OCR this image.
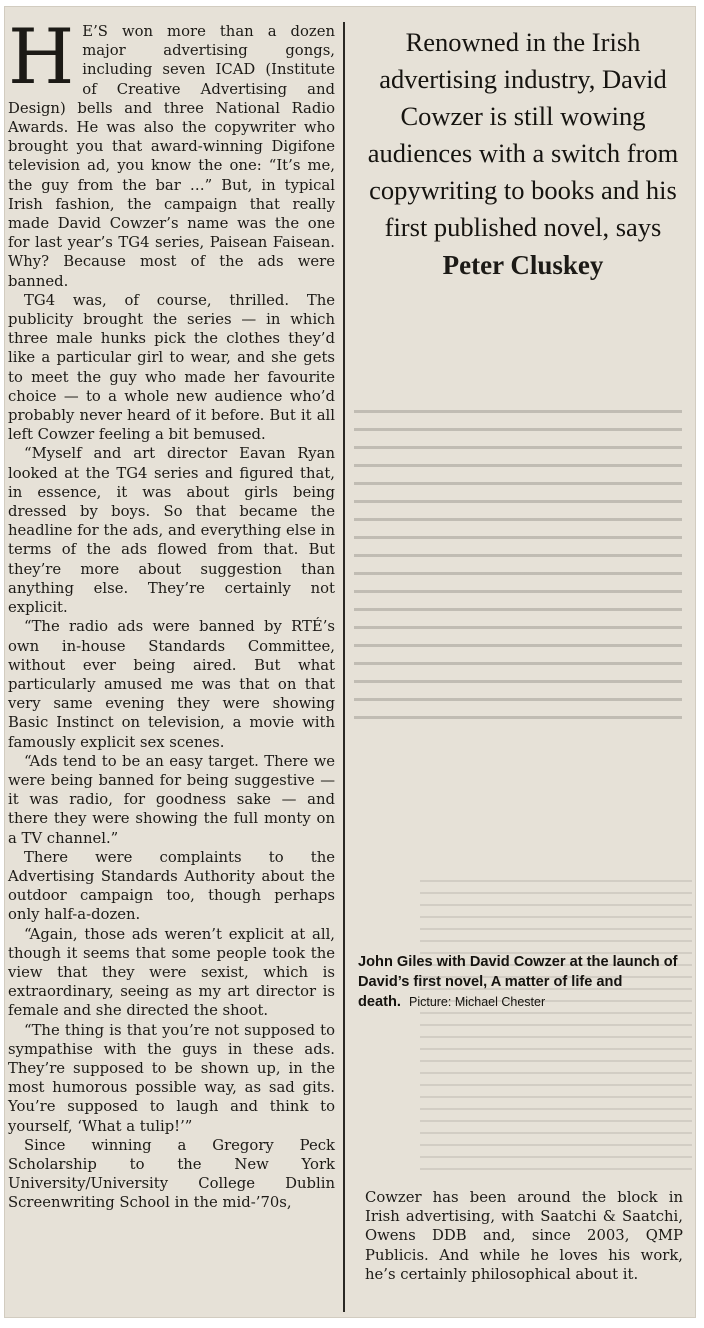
H E’S won more than a dozen major advertising gongs, including seven ICAD (Institute of Creative Advertising and Design) bells and three National Radio Awards. He was also the copywriter who brought you that award-winning Digifone television ad, you know the one: “It’s me, the guy from the bar …” But, in typical Irish fashion, the campaign that really made David Cowzer’s name was the one for last year’s TG4 series, Paisean Faisean. Why? Because most of the ads were banned.

TG4 was, of course, thrilled. The publicity brought the series — in which three male hunks pick the clothes they’d like a particular girl to wear, and she gets to meet the guy who made her favourite choice — to a whole new audience who’d probably never heard of it before. But it all left Cowzer feeling a bit bemused.

“Myself and art director Eavan Ryan looked at the TG4 series and figured that, in essence, it was about girls being dressed by boys. So that became the headline for the ads, and everything else in terms of the ads flowed from that. But they’re more about suggestion than anything else. They’re certainly not explicit.

“The radio ads were banned by RTÉ’s own in-house Standards Committee, without ever being aired. But what particularly amused me was that on that very same evening they were showing Basic Instinct on television, a movie with famously explicit sex scenes.

“Ads tend to be an easy target. There we were being banned for being suggestive — it was radio, for goodness sake — and there they were showing the full monty on a TV channel.”

There were complaints to the Advertising Standards Authority about the outdoor campaign too, though perhaps only half-a-dozen.

“Again, those ads weren’t explicit at all, though it seems that some people took the view that they were sexist, which is extraordinary, seeing as my art director is female and she directed the shoot.

“The thing is that you’re not supposed to sympathise with the guys in these ads. They’re supposed to be shown up, in the most humorous possible way, as sad gits. You’re supposed to laugh and think to yourself, ‘What a tulip!’”

Since winning a Gregory Peck Scholarship to the New York University/University College Dublin Screenwriting School in the mid-’70s,

Renowned in the Irish advertising industry, David Cowzer is still wowing audiences with a switch from copywriting to books and his first published novel, says
Peter Cluskey
John Giles with David Cowzer at the launch of David’s first novel, A matter of life and death. Picture: Michael Chester
Cowzer has been around the block in Irish advertising, with Saatchi & Saatchi, Owens DDB and, since 2003, QMP Publicis. And while he loves his work, he’s certainly philosophical about it.
